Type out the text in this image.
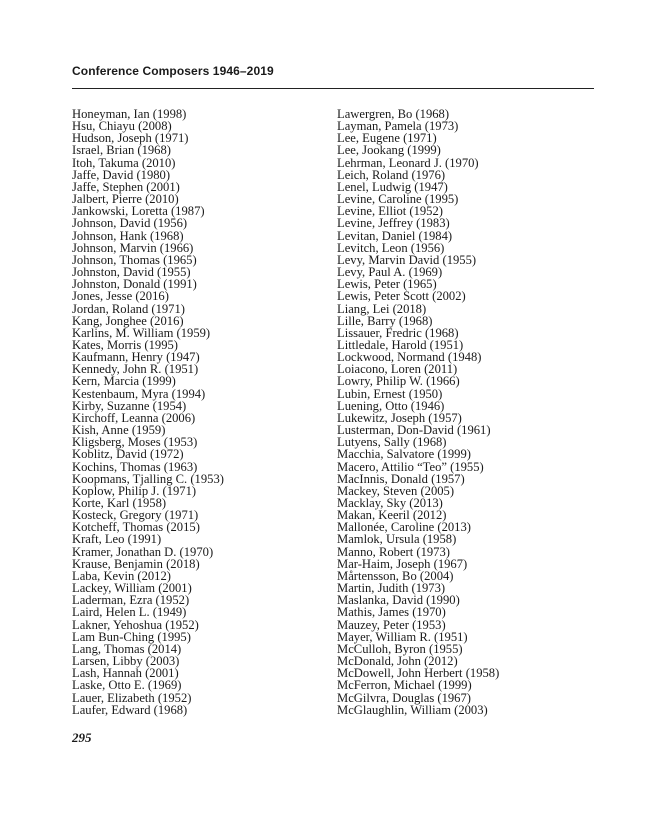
Conference Composers 1946–2019
Honeyman, Ian (1998)
Hsu, Chiayu (2008)
Hudson, Joseph (1971)
Israel, Brian (1968)
Itoh, Takuma (2010)
Jaffe, David (1980)
Jaffe, Stephen (2001)
Jalbert, Pierre (2010)
Jankowski, Loretta (1987)
Johnson, David (1956)
Johnson, Hank (1968)
Johnson, Marvin (1966)
Johnson, Thomas (1965)
Johnston, David (1955)
Johnston, Donald (1991)
Jones, Jesse (2016)
Jordan, Roland (1971)
Kang, Jonghee (2016)
Karlins, M. William (1959)
Kates, Morris (1995)
Kaufmann, Henry (1947)
Kennedy, John R. (1951)
Kern, Marcia (1999)
Kestenbaum, Myra (1994)
Kirby, Suzanne (1954)
Kirchoff, Leanna (2006)
Kish, Anne (1959)
Kligsberg, Moses (1953)
Koblitz, David (1972)
Kochins, Thomas (1963)
Koopmans, Tjalling C. (1953)
Koplow, Philip J. (1971)
Korte, Karl (1958)
Kosteck, Gregory (1971)
Kotcheff, Thomas (2015)
Kraft, Leo (1991)
Kramer, Jonathan D. (1970)
Krause, Benjamin (2018)
Laba, Kevin (2012)
Lackey, William (2001)
Laderman, Ezra (1952)
Laird, Helen L. (1949)
Lakner, Yehoshua (1952)
Lam Bun-Ching (1995)
Lang, Thomas (2014)
Larsen, Libby (2003)
Lash, Hannah (2001)
Laske, Otto E. (1969)
Lauer, Elizabeth (1952)
Laufer, Edward (1968)
Lawergren, Bo (1968)
Layman, Pamela (1973)
Lee, Eugene (1971)
Lee, Jookang (1999)
Lehrman, Leonard J. (1970)
Leich, Roland (1976)
Lenel, Ludwig (1947)
Levine, Caroline (1995)
Levine, Elliot (1952)
Levine, Jeffrey (1983)
Levitan, Daniel (1984)
Levitch, Leon (1956)
Levy, Marvin David (1955)
Levy, Paul A. (1969)
Lewis, Peter (1965)
Lewis, Peter Scott (2002)
Liang, Lei (2018)
Lille, Barry (1968)
Lissauer, Fredric (1968)
Littledale, Harold (1951)
Lockwood, Normand (1948)
Loiacono, Loren (2011)
Lowry, Philip W. (1966)
Lubin, Ernest (1950)
Luening, Otto (1946)
Lukewitz, Joseph (1957)
Lusterman, Don-David (1961)
Lutyens, Sally (1968)
Macchia, Salvatore (1999)
Macero, Attilio “Teo” (1955)
MacInnis, Donald (1957)
Mackey, Steven (2005)
Macklay, Sky (2013)
Makan, Keeril (2012)
Mallonée, Caroline (2013)
Mamlok, Ursula (1958)
Manno, Robert (1973)
Mar-Haim, Joseph (1967)
Mårtensson, Bo (2004)
Martin, Judith (1973)
Maslanka, David (1990)
Mathis, James (1970)
Mauzey, Peter (1953)
Mayer, William R. (1951)
McCulloh, Byron (1955)
McDonald, John (2012)
McDowell, John Herbert (1958)
McFerron, Michael (1999)
McGilvra, Douglas (1967)
McGlaughlin, William (2003)
295
